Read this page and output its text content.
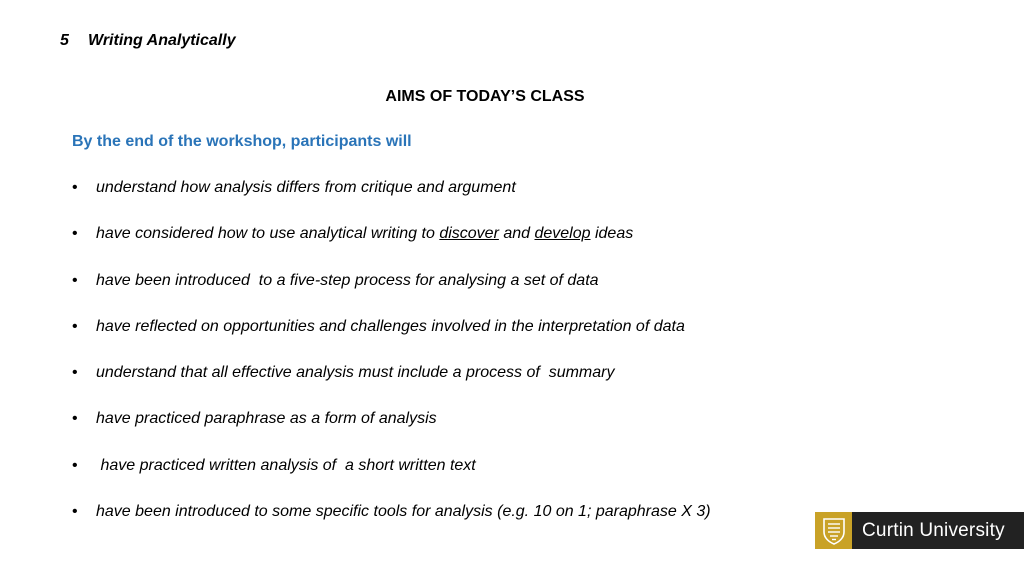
5 Writing Analytically
AIMS OF TODAY’S CLASS
By the end of the workshop, participants will

•

understand how analysis differs from critique and argument

•

have considered how to use analytical writing to discover and develop ideas

•

have been introduced  to a five-step process for analysing a set of data

•

have reflected on opportunities and challenges involved in the interpretation of data

•

understand that all effective analysis must include a process of  summary

•

have practiced paraphrase as a form of analysis

•

have practiced written analysis of  a short written text

•

have been introduced to some specific tools for analysis (e.g. 10 on 1; paraphrase X 3)

Curtin University
